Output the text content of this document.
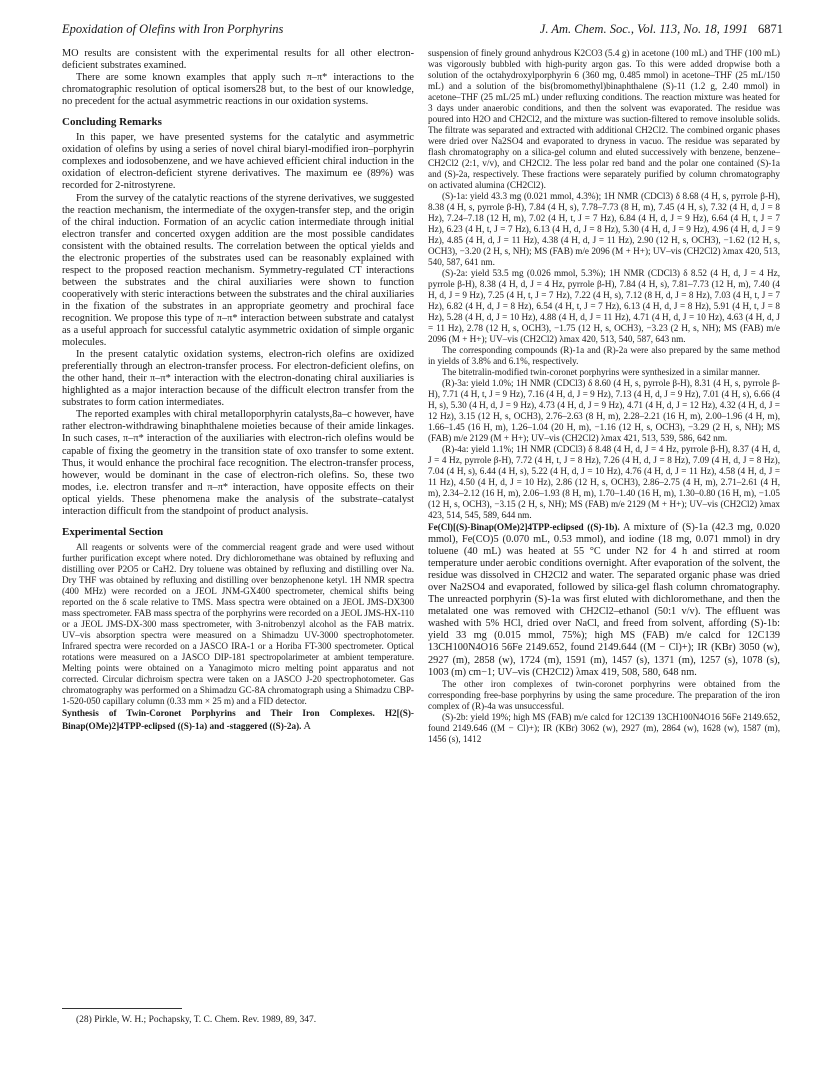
Epoxidation of Olefins with Iron Porphyrins	J. Am. Chem. Soc., Vol. 113, No. 18, 1991 6871

MO results are consistent with the experimental results for all other electron-deficient substrates examined.

There are some known examples that apply such π–π* interactions to the chromatographic resolution of optical isomers28 but, to the best of our knowledge, no precedent for the actual asymmetric reactions in our oxidation systems.

Concluding Remarks

In this paper, we have presented systems for the catalytic and asymmetric oxidation of olefins by using a series of novel chiral biaryl-modified iron–porphyrin complexes and iodosobenzene, and we have achieved efficient chiral induction in the oxidation of electron-deficient styrene derivatives. The maximum ee (89%) was recorded for 2-nitrostyrene.

From the survey of the catalytic reactions of the styrene derivatives, we suggested the reaction mechanism, the intermediate of the oxygen-transfer step, and the origin of the chiral induction. Formation of an acyclic cation intermediate through initial electron transfer and concerted oxygen addition are the most possible candidates consistent with the obtained results. The correlation between the optical yields and the electronic properties of the substrates used can be reasonably explained with respect to the proposed reaction mechanism. Symmetry-regulated CT interactions between the substrates and the chiral auxiliaries were shown to function cooperatively with steric interactions between the substrates and the chiral auxiliaries in the fixation of the substrates in an appropriate geometry and prochiral face recognition. We propose this type of π–π* interaction between substrate and catalyst as a useful approach for successful catalytic asymmetric oxidation of simple organic molecules.

In the present catalytic oxidation systems, electron-rich olefins are oxidized preferentially through an electron-transfer process. For electron-deficient olefins, on the other hand, their π–π* interaction with the electron-donating chiral auxiliaries is highlighted as a major interaction because of the difficult electron transfer from the substrates to form cation intermediates.

The reported examples with chiral metalloporphyrin catalysts,8a–c however, have rather electron-withdrawing binaphthalene moieties because of their amide linkages. In such cases, π–π* interaction of the auxiliaries with electron-rich olefins would be capable of fixing the geometry in the transition state of oxo transfer to some extent. Thus, it would enhance the prochiral face recognition. The electron-transfer process, however, would be dominant in the case of electron-rich olefins. So, these two modes, i.e. electron transfer and π–π* interaction, have opposite effects on their optical yields. These phenomena make the analysis of the substrate–catalyst interaction difficult from the standpoint of product analysis.

Experimental Section

All reagents or solvents were of the commercial reagent grade and were used without further purification except where noted. Dry dichloromethane was obtained by refluxing and distilling over P2O5 or CaH2. Dry toluene was obtained by refluxing and distilling over Na. Dry THF was obtained by refluxing and distilling over benzophenone ketyl. 1H NMR spectra (400 MHz) were recorded on a JEOL JNM-GX400 spectrometer, chemical shifts being reported on the δ scale relative to TMS. Mass spectra were obtained on a JEOL JMS-DX300 mass spectrometer. FAB mass spectra of the porphyrins were recorded on a JEOL JMS-HX-110 or a JEOL JMS-DX-300 mass spectrometer, with 3-nitrobenzyl alcohol as the FAB matrix. UV–vis absorption spectra were measured on a Shimadzu UV-3000 spectrophotometer. Infrared spectra were recorded on a JASCO IRA-1 or a Horiba FT-300 spectrometer. Optical rotations were measured on a JASCO DIP-181 spectropolarimeter at ambient temperature. Melting points were obtained on a Yanagimoto micro melting point apparatus and not corrected. Circular dichroism spectra were taken on a JASCO J-20 spectrophotometer. Gas chromatography was performed on a Shimadzu GC-8A chromatograph using a Shimadzu CBP-1-520-050 capillary column (0.33 mm × 25 m) and a FID detector.

Synthesis of Twin-Coronet Porphyrins and Their Iron Complexes. H2[(S)-Binap(OMe)2]4TPP-eclipsed ((S)-1a) and -staggered ((S)-2a). A

suspension of finely ground anhydrous K2CO3 (5.4 g) in acetone (100 mL) and THF (100 mL) was vigorously bubbled with high-purity argon gas. To this were added dropwise both a solution of the octahydroxylporphyrin 6 (360 mg, 0.485 mmol) in acetone–THF (25 mL/150 mL) and a solution of the bis(bromomethyl)binaphthalene (S)-11 (1.2 g, 2.40 mmol) in acetone–THF (25 mL/25 mL) under refluxing conditions. The reaction mixture was heated for 3 days under anaerobic conditions, and then the solvent was evaporated. The residue was poured into H2O and CH2Cl2, and the mixture was suction-filtered to remove insoluble solids. The filtrate was separated and extracted with additional CH2Cl2. The combined organic phases were dried over Na2SO4 and evaporated to dryness in vacuo. The residue was separated by flash chromatography on a silica-gel column and eluted successively with benzene, benzene–CH2Cl2 (2:1, v/v), and CH2Cl2. The less polar red band and the polar one contained (S)-1a and (S)-2a, respectively. These fractions were separately purified by column chromatography on activated alumina (CH2Cl2).

(S)-1a: yield 43.3 mg (0.021 mmol, 4.3%); 1H NMR (CDCl3) δ 8.68 (4 H, s, pyrrole β-H), 8.38 (4 H, s, pyrrole β-H), 7.84 (4 H, s), 7.78–7.73 (8 H, m), 7.45 (4 H, s), 7.32 (4 H, d, J = 8 Hz), 7.24–7.18 (12 H, m), 7.02 (4 H, t, J = 7 Hz), 6.84 (4 H, d, J = 9 Hz), 6.64 (4 H, t, J = 7 Hz), 6.23 (4 H, t, J = 7 Hz), 6.13 (4 H, d, J = 8 Hz), 5.30 (4 H, d, J = 9 Hz), 4.96 (4 H, d, J = 9 Hz), 4.85 (4 H, d, J = 11 Hz), 4.38 (4 H, d, J = 11 Hz), 2.90 (12 H, s, OCH3), −1.62 (12 H, s, OCH3), −3.20 (2 H, s, NH); MS (FAB) m/e 2096 (M + H+); UV–vis (CH2Cl2) λmax 420, 513, 540, 587, 641 nm.

(S)-2a: yield 53.5 mg (0.026 mmol, 5.3%); 1H NMR (CDCl3) δ 8.52 (4 H, d, J = 4 Hz, pyrrole β-H), 8.38 (4 H, d, J = 4 Hz, pyrrole β-H), 7.84 (4 H, s), 7.81–7.73 (12 H, m), 7.40 (4 H, d, J = 9 Hz), 7.25 (4 H, t, J = 7 Hz), 7.22 (4 H, s), 7.12 (8 H, d, J = 8 Hz), 7.03 (4 H, t, J = 7 Hz), 6.82 (4 H, d, J = 8 Hz), 6.54 (4 H, t, J = 7 Hz), 6.13 (4 H, d, J = 8 Hz), 5.91 (4 H, t, J = 8 Hz), 5.28 (4 H, d, J = 10 Hz), 4.88 (4 H, d, J = 11 Hz), 4.71 (4 H, d, J = 10 Hz), 4.63 (4 H, d, J = 11 Hz), 2.78 (12 H, s, OCH3), −1.75 (12 H, s, OCH3), −3.23 (2 H, s, NH); MS (FAB) m/e 2096 (M + H+); UV–vis (CH2Cl2) λmax 420, 513, 540, 587, 643 nm.

The corresponding compounds (R)-1a and (R)-2a were also prepared by the same method in yields of 3.8% and 6.1%, respectively.

The bitetralin-modified twin-coronet porphyrins were synthesized in a similar manner.

(R)-3a: yield 1.0%; 1H NMR (CDCl3) δ 8.60 (4 H, s, pyrrole β-H), 8.31 (4 H, s, pyrrole β-H), 7.71 (4 H, t, J = 9 Hz), 7.16 (4 H, d, J = 9 Hz), 7.13 (4 H, d, J = 9 Hz), 7.01 (4 H, s), 6.66 (4 H, s), 5.30 (4 H, d, J = 9 Hz), 4.73 (4 H, d, J = 9 Hz), 4.71 (4 H, d, J = 12 Hz), 4.32 (4 H, d, J = 12 Hz), 3.15 (12 H, s, OCH3), 2.76–2.63 (8 H, m), 2.28–2.21 (16 H, m), 2.00–1.96 (4 H, m), 1.66–1.45 (16 H, m), 1.26–1.04 (20 H, m), −1.16 (12 H, s, OCH3), −3.29 (2 H, s, NH); MS (FAB) m/e 2129 (M + H+); UV–vis (CH2Cl2) λmax 421, 513, 539, 586, 642 nm.

(R)-4a: yield 1.1%; 1H NMR (CDCl3) δ 8.48 (4 H, d, J = 4 Hz, pyrrole β-H), 8.37 (4 H, d, J = 4 Hz, pyrrole β-H), 7.72 (4 H, t, J = 8 Hz), 7.26 (4 H, d, J = 8 Hz), 7.09 (4 H, d, J = 8 Hz), 7.04 (4 H, s), 6.44 (4 H, s), 5.22 (4 H, d, J = 10 Hz), 4.76 (4 H, d, J = 11 Hz), 4.58 (4 H, d, J = 11 Hz), 4.50 (4 H, d, J = 10 Hz), 2.86 (12 H, s, OCH3), 2.86–2.75 (4 H, m), 2.71–2.61 (4 H, m), 2.34–2.12 (16 H, m), 2.06–1.93 (8 H, m), 1.70–1.40 (16 H, m), 1.30–0.80 (16 H, m), −1.05 (12 H, s, OCH3), −3.15 (2 H, s, NH); MS (FAB) m/e 2129 (M + H+); UV–vis (CH2Cl2) λmax 423, 514, 545, 589, 644 nm.

Fe(Cl)[(S)-Binap(OMe)2]4TPP-eclipsed ((S)-1b). A mixture of (S)-1a (42.3 mg, 0.020 mmol), Fe(CO)5 (0.070 mL, 0.53 mmol), and iodine (18 mg, 0.071 mmol) in dry toluene (40 mL) was heated at 55 °C under N2 for 4 h and stirred at room temperature under aerobic conditions overnight. After evaporation of the solvent, the residue was dissolved in CH2Cl2 and water. The separated organic phase was dried over Na2SO4 and evaporated, followed by silica-gel flash column chromatography. The unreacted porphyrin (S)-1a was first eluted with dichloromethane, and then the metalated one was removed with CH2Cl2–ethanol (50:1 v/v). The effluent was washed with 5% HCl, dried over NaCl, and freed from solvent, affording (S)-1b: yield 33 mg (0.015 mmol, 75%); high MS (FAB) m/e calcd for 12C139 13CH100N4O16 56Fe 2149.652, found 2149.644 ((M − Cl)+); IR (KBr) 3050 (w), 2927 (m), 2858 (w), 1724 (m), 1591 (m), 1457 (s), 1371 (m), 1257 (s), 1078 (s), 1003 (m) cm−1; UV–vis (CH2Cl2) λmax 419, 508, 580, 648 nm.

The other iron complexes of twin-coronet porphyrins were obtained from the corresponding free-base porphyrins by using the same procedure. The preparation of the iron complex of (R)-4a was unsuccessful.

(S)-2b: yield 19%; high MS (FAB) m/e calcd for 12C139 13CH100N4O16 56Fe 2149.652, found 2149.646 ((M − Cl)+); IR (KBr) 3062 (w), 2927 (m), 2864 (w), 1628 (w), 1587 (m), 1456 (s), 1412

(28) Pirkle, W. H.; Pochapsky, T. C. Chem. Rev. 1989, 89, 347.
